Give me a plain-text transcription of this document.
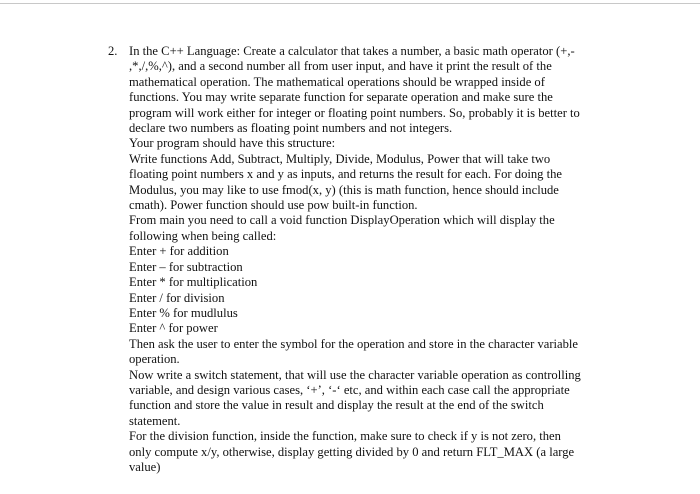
2. In the C++ Language: Create a calculator that takes a number, a basic math operator (+,-
,*,/,%,^), and a second number all from user input, and have it print the result of the
mathematical operation. The mathematical operations should be wrapped inside of
functions. You may write separate function for separate operation and make sure the
program will work either for integer or floating point numbers. So, probably it is better to
declare two numbers as floating point numbers and not integers.
Your program should have this structure:
Write functions Add, Subtract, Multiply, Divide, Modulus, Power that will take two
floating point numbers x and y as inputs, and returns the result for each. For doing the
Modulus, you may like to use fmod(x, y) (this is math function, hence should include
cmath). Power function should use pow built-in function.
From main you need to call a void function DisplayOperation which will display the
following when being called:
Enter + for addition
Enter – for subtraction
Enter * for multiplication
Enter / for division
Enter % for mudlulus
Enter ^ for power
Then ask the user to enter the symbol for the operation and store in the character variable
operation.
Now write a switch statement, that will use the character variable operation as controlling
variable, and design various cases, ‘+’, ‘-‘ etc, and within each case call the appropriate
function and store the value in result and display the result at the end of the switch
statement.
For the division function, inside the function, make sure to check if y is not zero, then
only compute x/y, otherwise, display getting divided by 0 and return FLT_MAX (a large
value)
